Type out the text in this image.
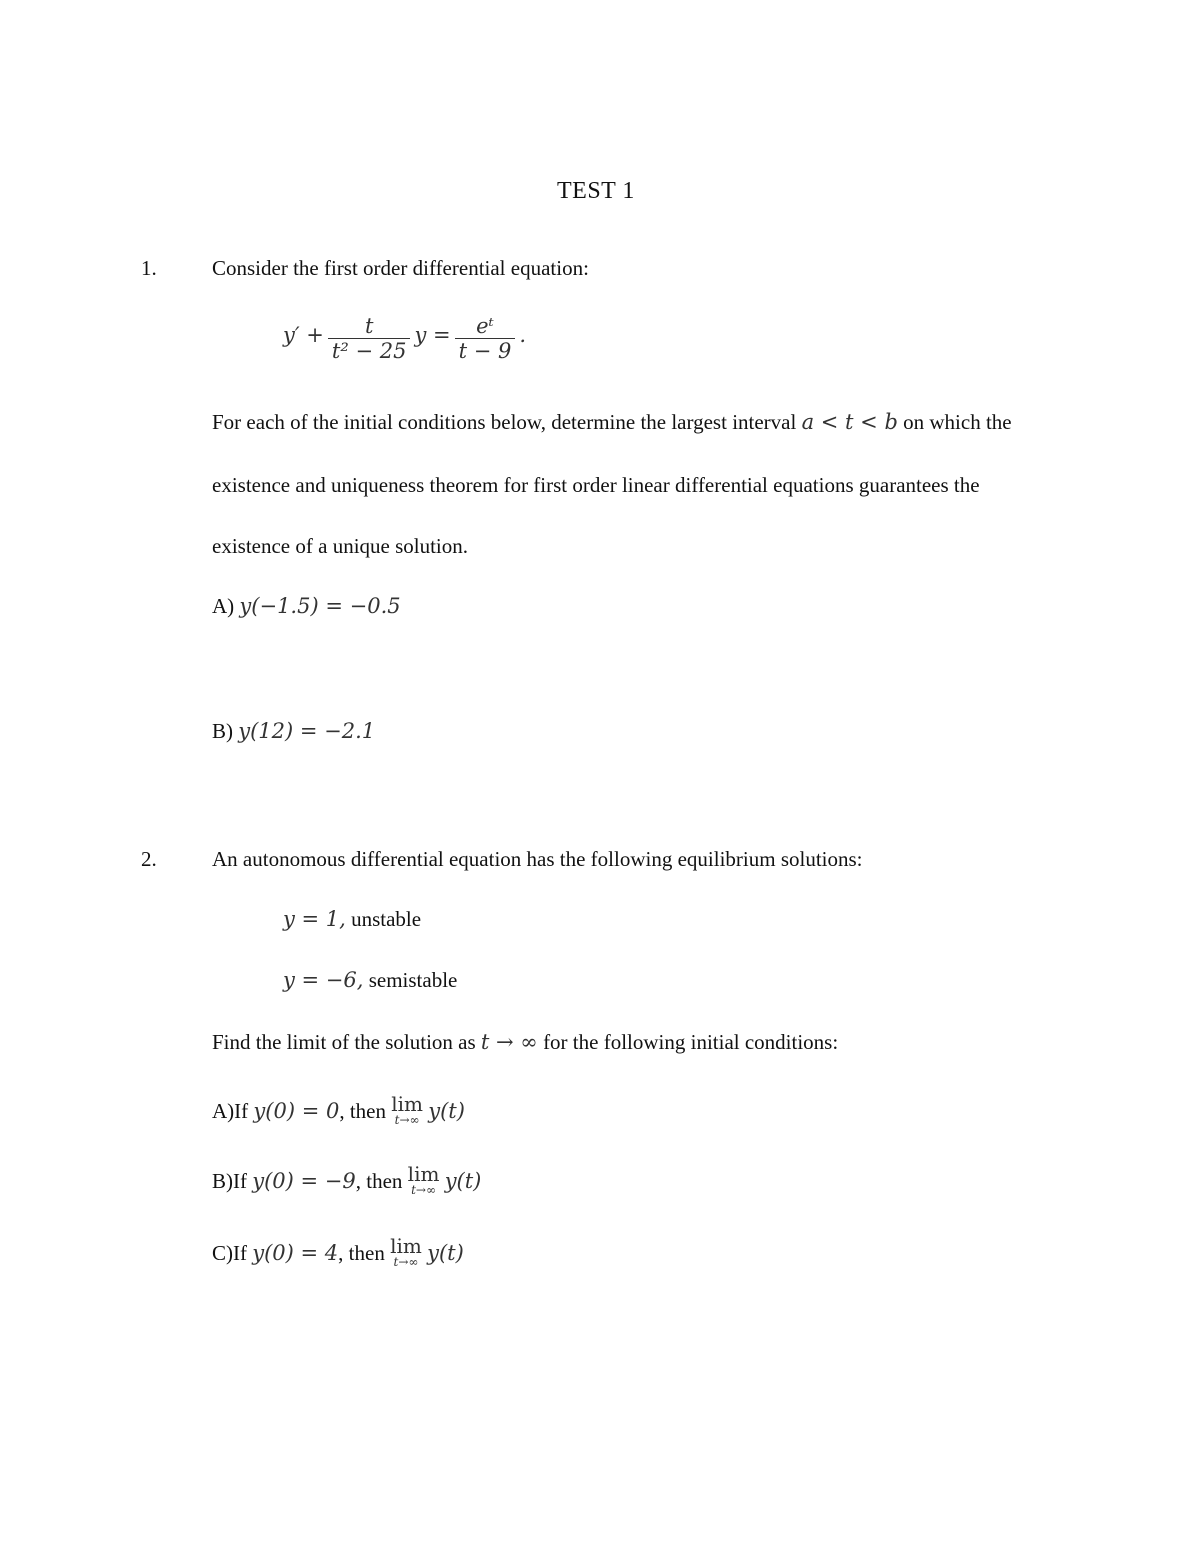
TEST 1
1.	Consider the first order differential equation:
$y' + \frac{t}{\text{t² − 25}}$ $y = \frac{\text{eᵗ}}{t - 9}$ .
For each of the initial conditions below, determine the largest interval a < t < b on which the
existence and uniqueness theorem for first order linear differential equations guarantees the
existence of a unique solution.
A) y(−1.5) = −0.5
B) y(12) = −2.1
2.	An autonomous differential equation has the following equilibrium solutions:
y = 1, unstable
y = −6, semistable
Find the limit of the solution as t → ∞ for the following initial conditions:
A)If y(0) = 0, then lim
t→∞ y(t)
B)If y(0) = −9, then lim
t→∞ y(t)
C)If y(0) = 4, then lim
t→∞ y(t)
